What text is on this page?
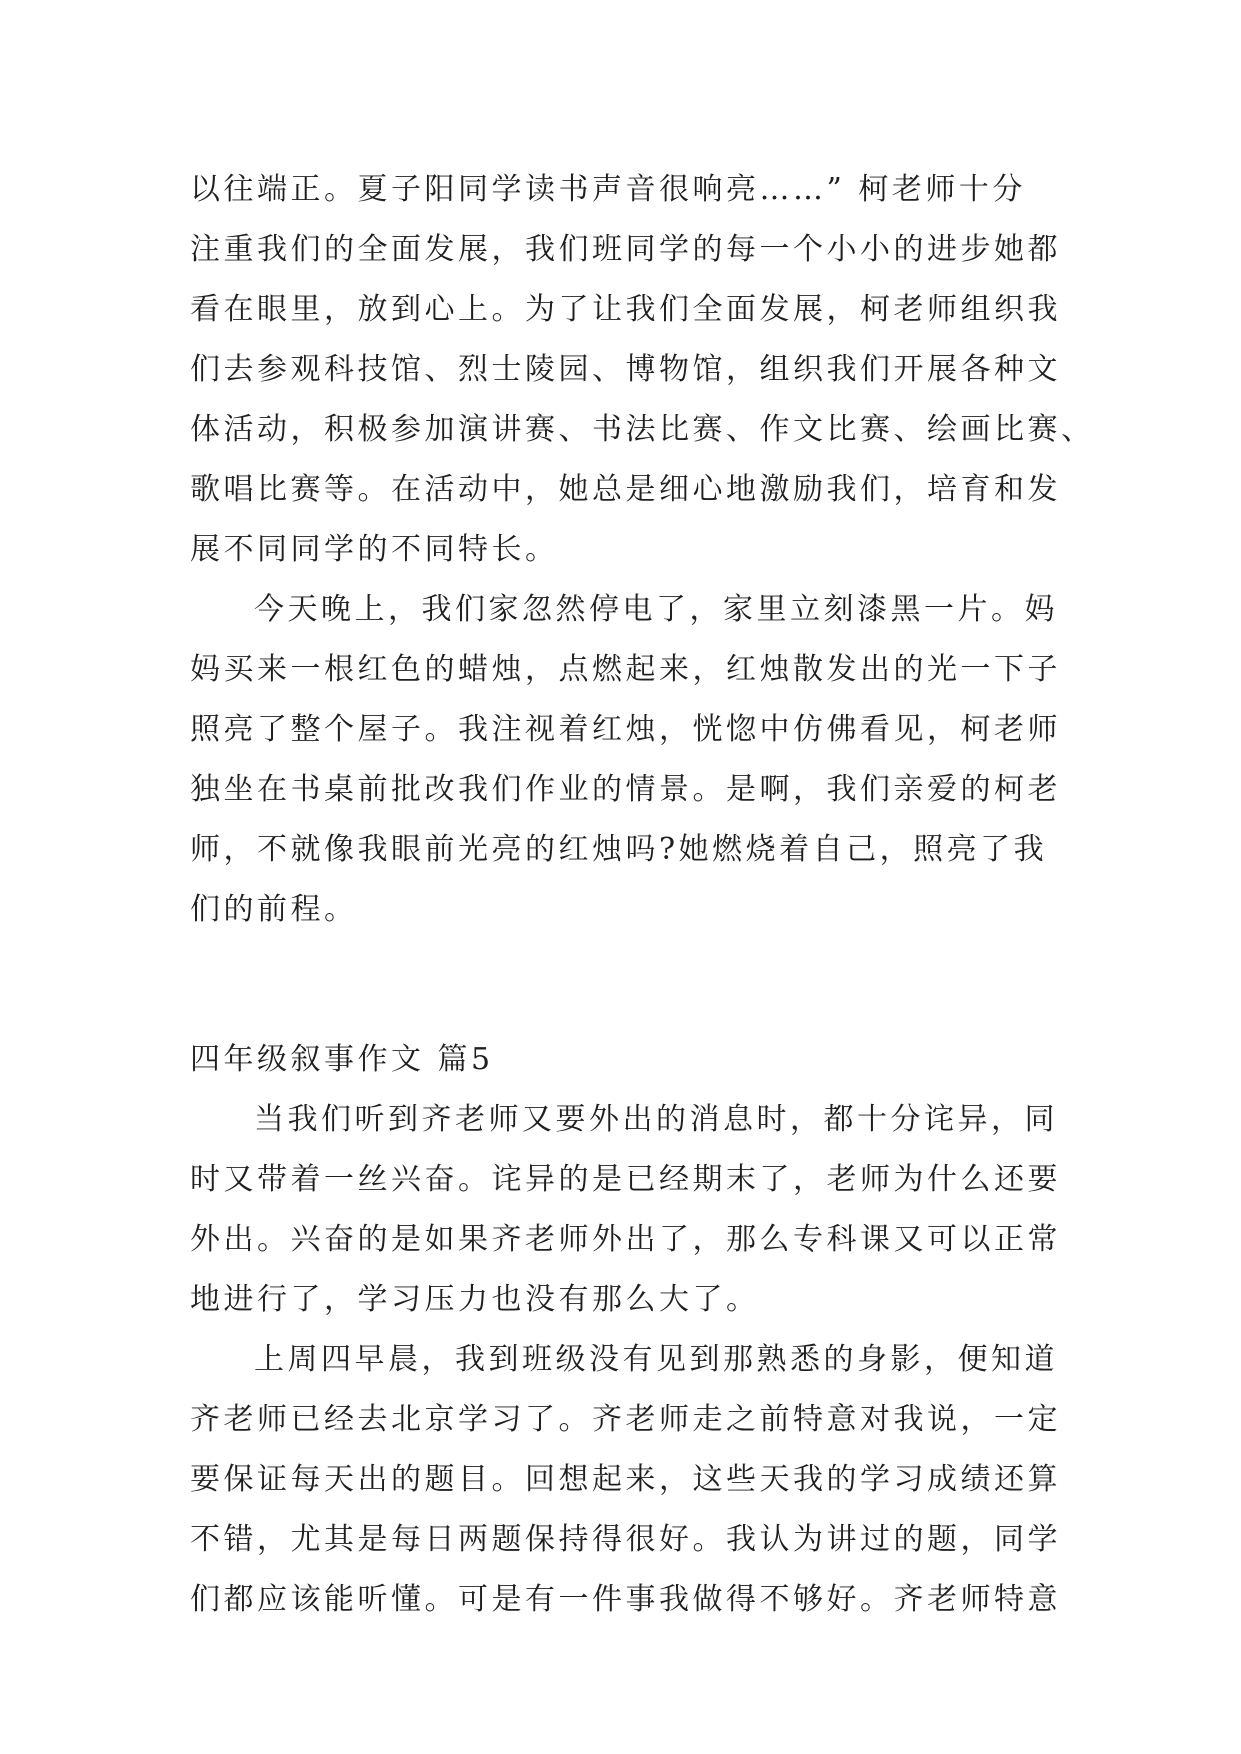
以往端正。夏子阳同学读书声音很响亮……” 柯老师十分
注重我们的全面发展，我们班同学的每一个小小的进步她都
看在眼里，放到心上。为了让我们全面发展，柯老师组织我
们去参观科技馆、烈士陵园、博物馆，组织我们开展各种文
体活动，积极参加演讲赛、书法比赛、作文比赛、绘画比赛、
歌唱比赛等。在活动中，她总是细心地激励我们，培育和发
展不同同学的不同特长。
今天晚上，我们家忽然停电了，家里立刻漆黑一片。妈
妈买来一根红色的蜡烛，点燃起来，红烛散发出的光一下子
照亮了整个屋子。我注视着红烛，恍惚中仿佛看见，柯老师
独坐在书桌前批改我们作业的情景。是啊，我们亲爱的柯老
师，不就像我眼前光亮的红烛吗?她燃烧着自己，照亮了我
们的前程。
四年级叙事作文 篇5
当我们听到齐老师又要外出的消息时，都十分诧异，同
时又带着一丝兴奋。诧异的是已经期末了，老师为什么还要
外出。兴奋的是如果齐老师外出了，那么专科课又可以正常
地进行了，学习压力也没有那么大了。
上周四早晨，我到班级没有见到那熟悉的身影，便知道
齐老师已经去北京学习了。齐老师走之前特意对我说，一定
要保证每天出的题目。回想起来，这些天我的学习成绩还算
不错，尤其是每日两题保持得很好。我认为讲过的题，同学
们都应该能听懂。可是有一件事我做得不够好。齐老师特意
